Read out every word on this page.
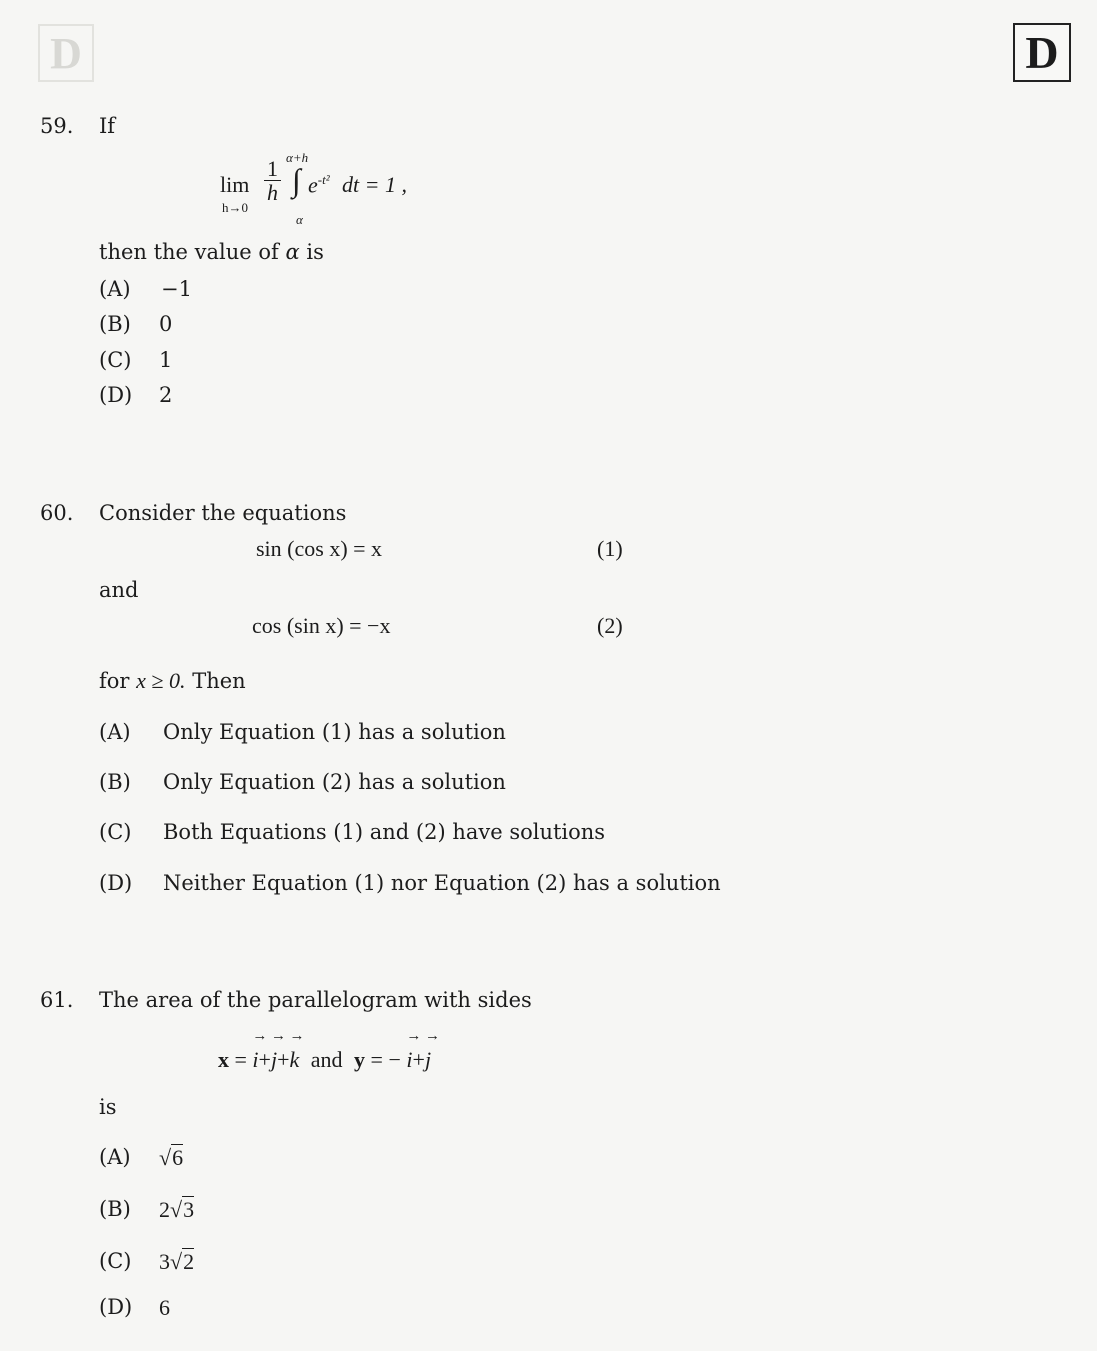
D	D
59. If
lim
h→0
$\frac{1}{h}$
α+h
∫
α
$e^{-t^2}$ dt = 1 ,
then the value of α is
(A) −1
(B) 0
(C) 1
(D) 2
60. Consider the equations
sin (cos x) = x	(1)
and
cos (sin x) = −x	(2)
for x ≥ 0. Then
(A) Only Equation (1) has a solution
(B) Only Equation (2) has a solution
(C) Both Equations (1) and (2) have solutions
(D) Neither Equation (1) nor Equation (2) has a solution
61. The area of the parallelogram with sides
x = → i+→ j+→ k and y = − → i+→ j
is
(A) √6
(B) 2√3
(C) 3√2
(D) 6
